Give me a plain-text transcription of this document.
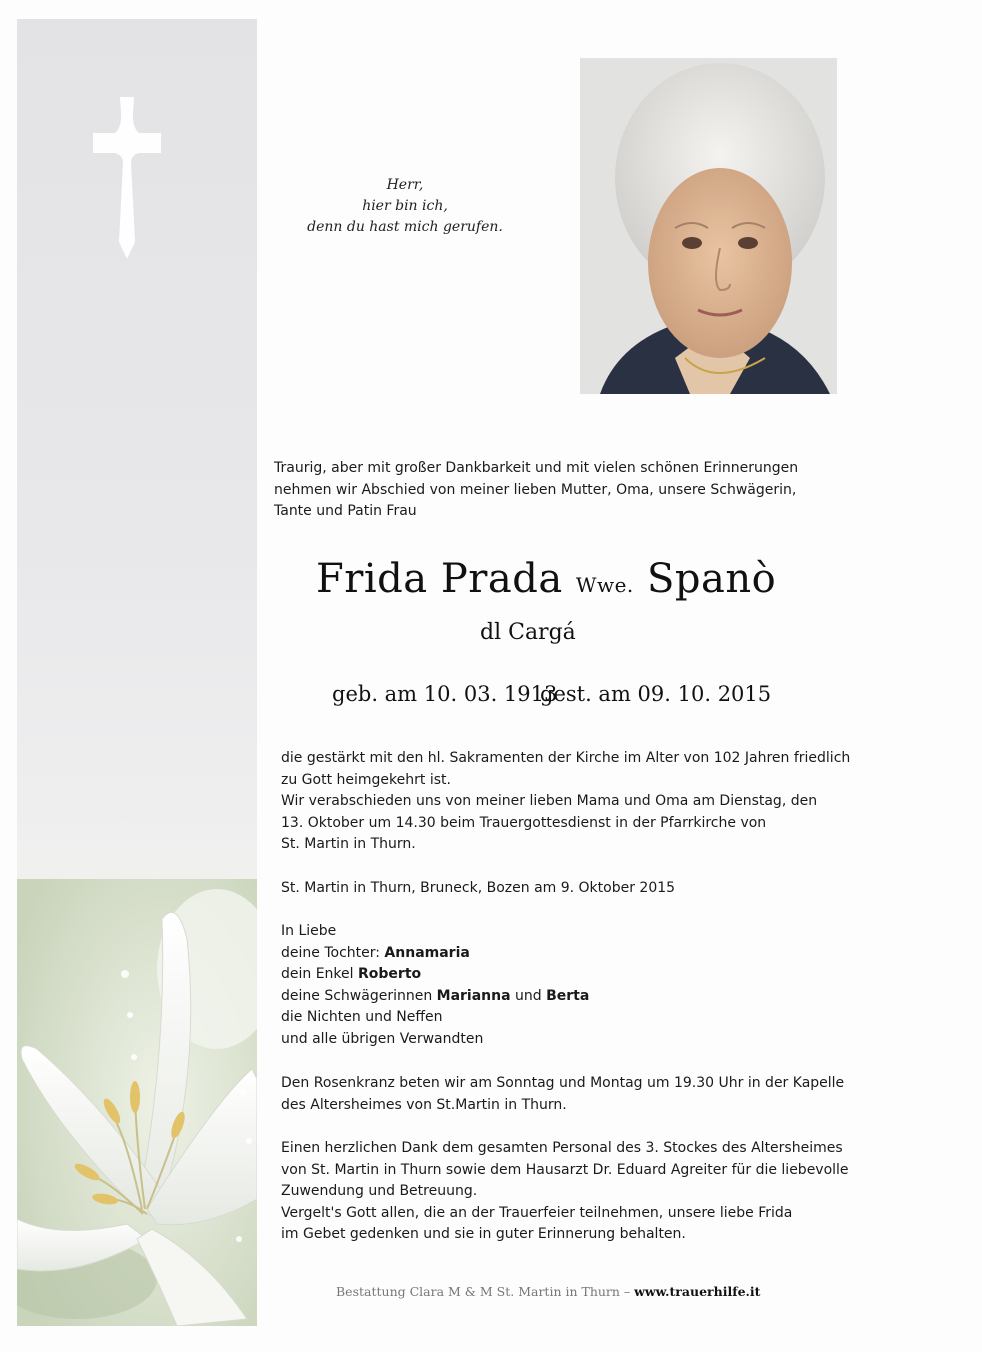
Herr,
hier bin ich,
denn du hast mich gerufen.
Traurig, aber mit großer Dankbarkeit und mit vielen schönen Erinnerungen
nehmen wir Abschied von meiner lieben Mutter, Oma, unsere Schwägerin,
Tante und Patin Frau
Frida Prada Wwe. Spanò
dl Cargá
geb. am 10. 03. 1913
gest. am 09. 10. 2015
die gestärkt mit den hl. Sakramenten der Kirche im Alter von 102 Jahren friedlich
zu Gott heimgekehrt ist.
Wir verabschieden uns von meiner lieben Mama und Oma am Dienstag, den
13. Oktober um 14.30 beim Trauergottesdienst in der Pfarrkirche von
St. Martin in Thurn.
St. Martin in Thurn, Bruneck, Bozen am 9. Oktober 2015
In Liebe
deine Tochter: Annamaria
dein Enkel Roberto
deine Schwägerinnen Marianna und Berta
die Nichten und Neffen
und alle übrigen Verwandten
Den Rosenkranz beten wir am Sonntag und Montag um 19.30 Uhr in der Kapelle
des Altersheimes von St.Martin in Thurn.
Einen herzlichen Dank dem gesamten Personal des 3. Stockes des Altersheimes
von St. Martin in Thurn sowie dem Hausarzt Dr. Eduard Agreiter für die liebevolle
Zuwendung und Betreuung.
Vergelt's Gott allen, die an der Trauerfeier teilnehmen, unsere liebe Frida
im Gebet gedenken und sie in guter Erinnerung behalten.
Bestattung Clara M & M St. Martin in Thurn – www.trauerhilfe.it
